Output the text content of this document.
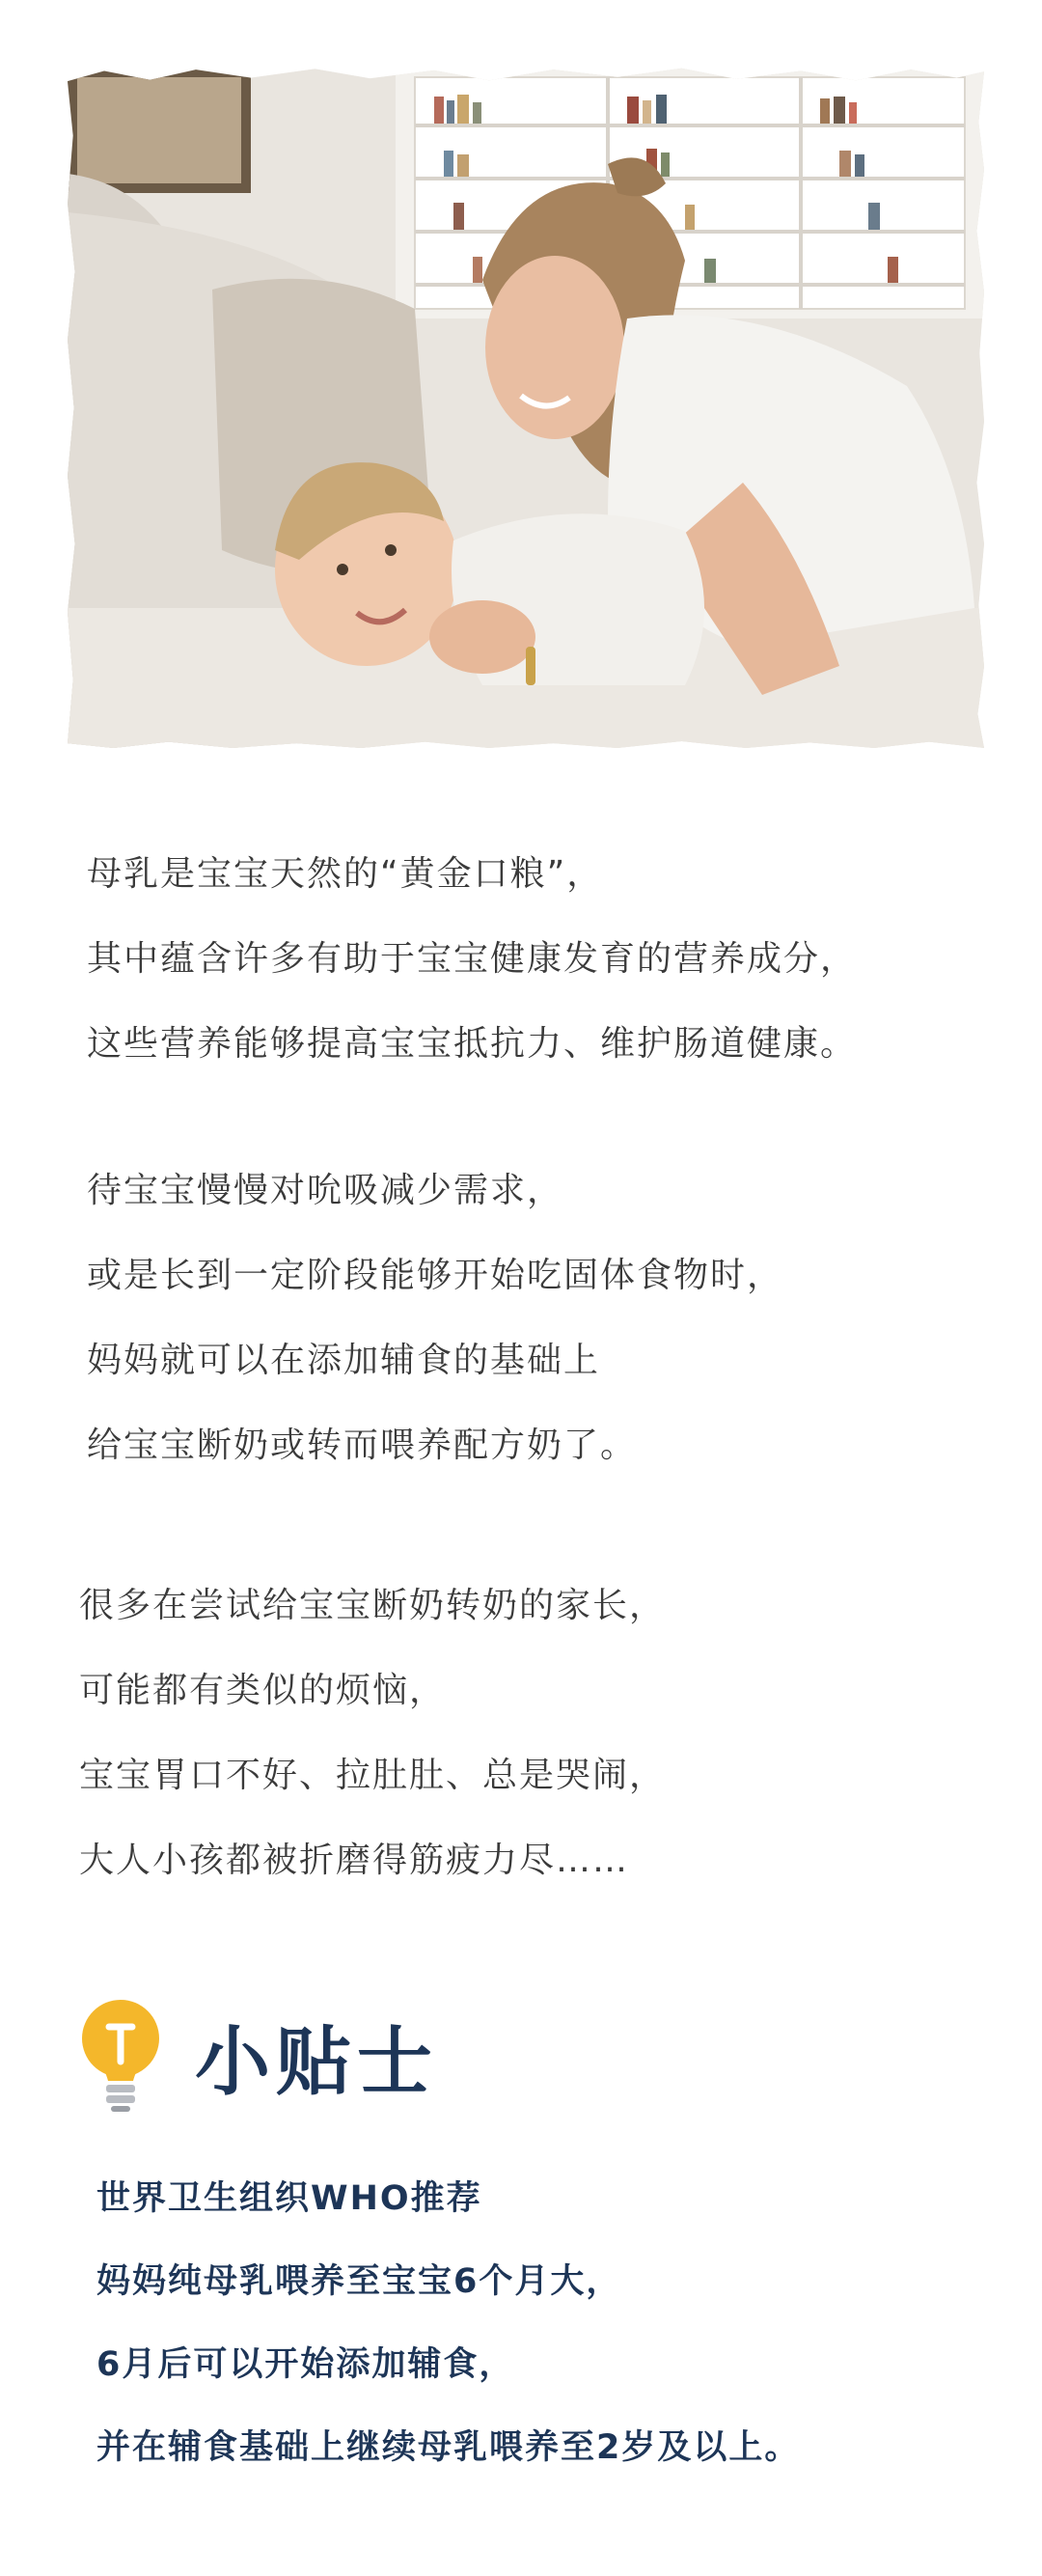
母乳是宝宝天然的“黄金口粮”，
其中蕴含许多有助于宝宝健康发育的营养成分，
这些营养能够提高宝宝抵抗力、维护肠道健康。
待宝宝慢慢对吮吸减少需求，
或是长到一定阶段能够开始吃固体食物时，
妈妈就可以在添加辅食的基础上
给宝宝断奶或转而喂养配方奶了。
很多在尝试给宝宝断奶转奶的家长，
可能都有类似的烦恼，
宝宝胃口不好、拉肚肚、总是哭闹，
大人小孩都被折磨得筋疲力尽……
小贴士
世界卫生组织WHO推荐
妈妈纯母乳喂养至宝宝6个月大，
6月后可以开始添加辅食，
并在辅食基础上继续母乳喂养至2岁及以上。
